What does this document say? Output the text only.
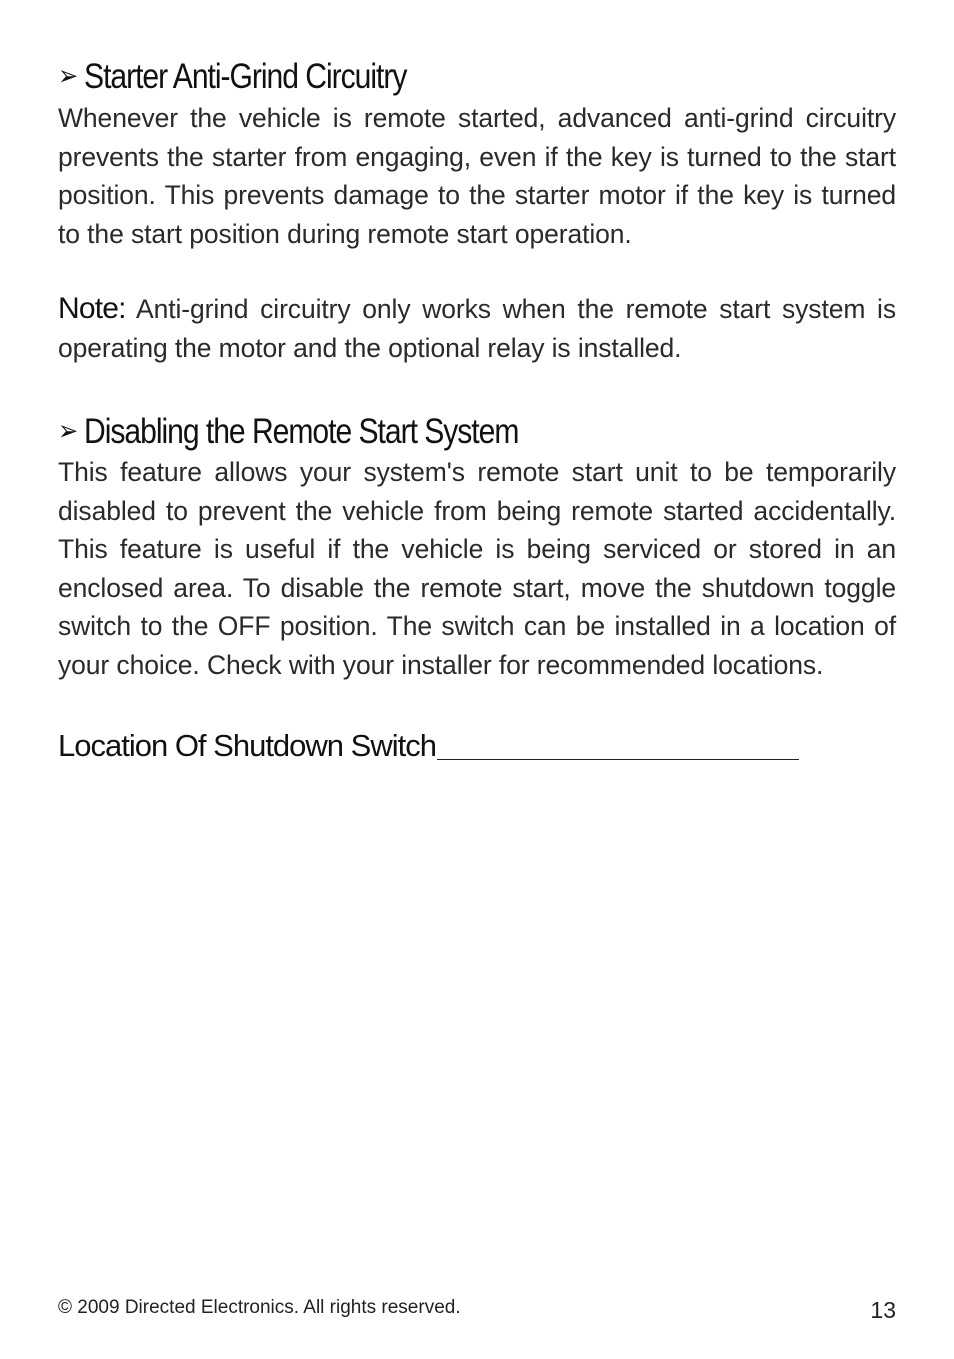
➢ Starter Anti-Grind Circuitry

Whenever the vehicle is remote started, advanced anti-grind circuitry prevents the starter from engaging, even if the key is turned to the start position. This prevents damage to the starter motor if the key is turned to the start position during remote start operation.

Note: Anti-grind circuitry only works when the remote start system is operating the motor and the optional relay is installed.

➢ Disabling the Remote Start System

This feature allows your system's remote start unit to be temporarily disabled to prevent the vehicle from being remote started accidentally. This feature is useful if the vehicle is being serviced or stored in an enclosed area. To disable the remote start, move the shutdown toggle switch to the OFF position. The switch can be installed in a location of your choice. Check with your installer for recommended locations.

Location Of Shutdown Switch
© 2009 Directed Electronics. All rights reserved.	13
